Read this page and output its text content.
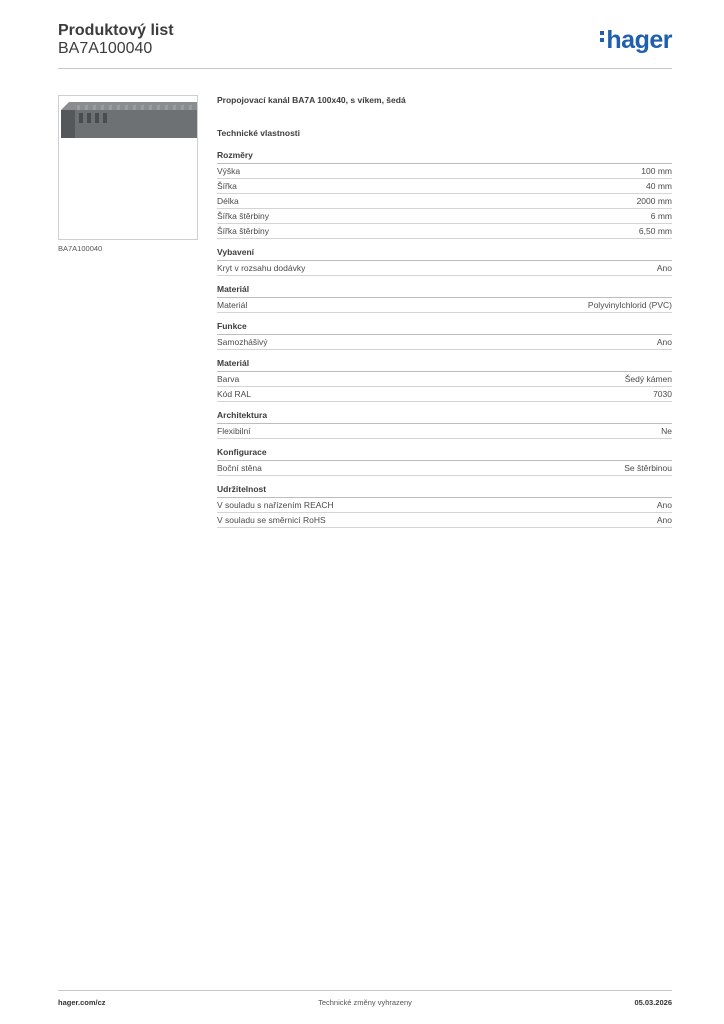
Produktový list
BA7A100040	hager
BA7A100040
Propojovací kanál BA7A 100x40, s víkem, šedá
Technické vlastnosti
Rozměry
Výška	100 mm
Šířka	40 mm
Délka	2000 mm
Šířka štěrbiny	6 mm
Šířka štěrbiny	6,50 mm
Vybavení
Kryt v rozsahu dodávky	Ano
Materiál
Materiál	Polyvinylchlorid (PVC)
Funkce
Samozhášivý	Ano
Materiál
Barva	Šedý kámen
Kód RAL	7030
Architektura
Flexibilní	Ne
Konfigurace
Boční stěna	Se štěrbinou
Udržitelnost
V souladu s nařízením REACH	Ano
V souladu se směrnicí RoHS	Ano
hager.com/cz	Technické změny vyhrazeny	05.03.2026
